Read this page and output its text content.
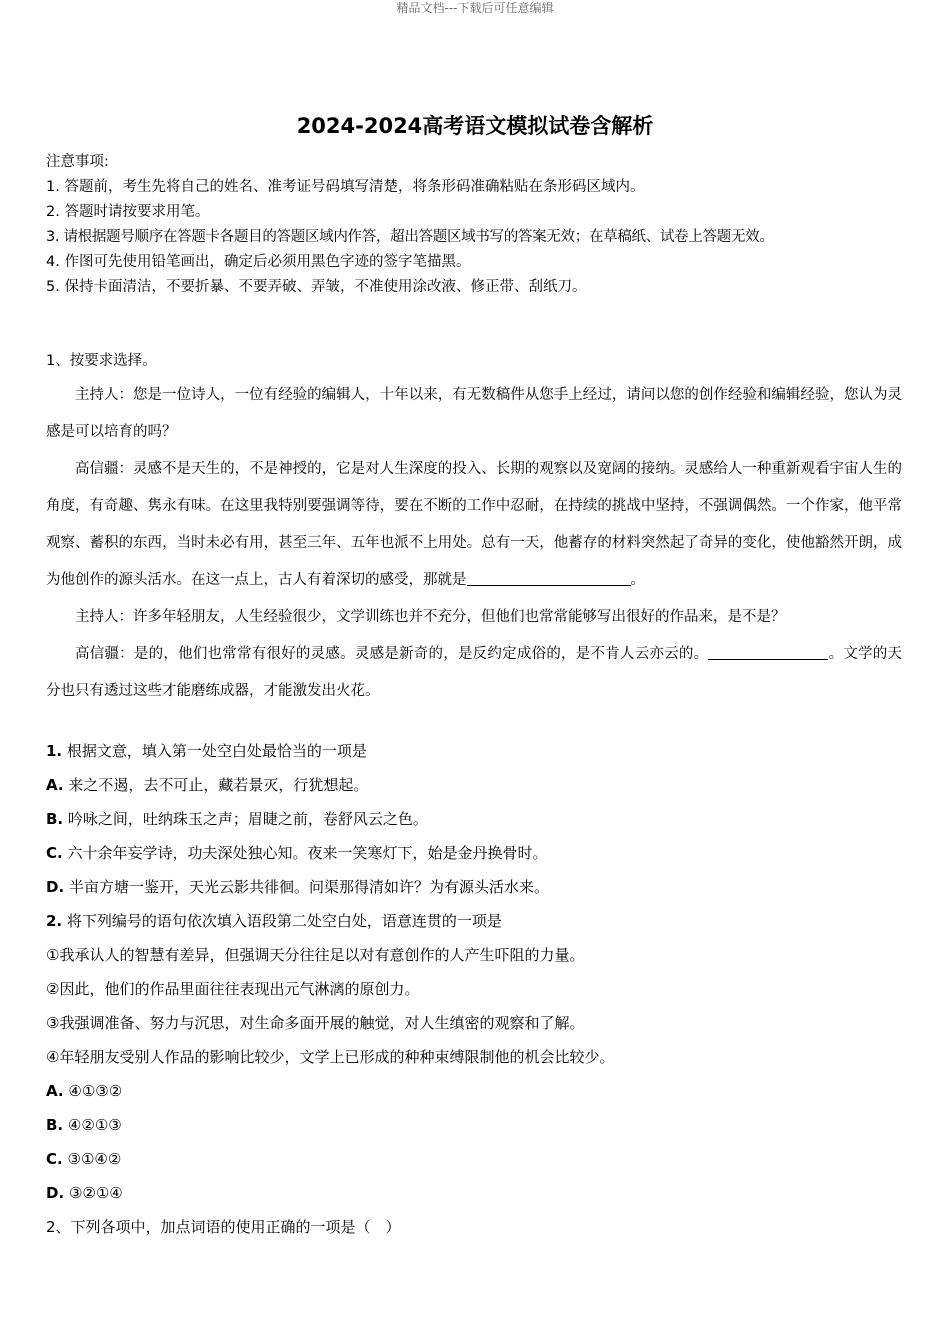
精品文档---下载后可任意编辑
2024-2024高考语文模拟试卷含解析
注意事项:
1. 答题前，考生先将自己的姓名、准考证号码填写清楚，将条形码准确粘贴在条形码区域内。
2. 答题时请按要求用笔。
3. 请根据题号顺序在答题卡各题目的答题区域内作答，超出答题区域书写的答案无效；在草稿纸、试卷上答题无效。
4. 作图可先使用铅笔画出，确定后必须用黑色字迹的签字笔描黑。
5. 保持卡面清洁，不要折暴、不要弄破、弄皱，不准使用涂改液、修正带、刮纸刀。
1、按要求选择。

主持人：您是一位诗人，一位有经验的编辑人，十年以来，有无数稿件从您手上经过，请问以您的创作经验和编辑经验，您认为灵感是可以培育的吗？

高信疆：灵感不是天生的，不是神授的，它是对人生深度的投入、长期的观察以及宽阔的接纳。灵感给人一种重新观看宇宙人生的角度，有奇趣、隽永有味。在这里我特别要强调等待，要在不断的工作中忍耐，在持续的挑战中坚持，不强调偶然。一个作家，他平常观察、蓄积的东西，当时未必有用，甚至三年、五年也派不上用处。总有一天，他蓄存的材料突然起了奇异的变化，使他豁然开朗，成为他创作的源头活水。在这一点上，古人有着深切的感受，那就是	。

主持人：许多年轻朋友，人生经验很少，文学训练也并不充分，但他们也常常能够写出很好的作品来，是不是？

高信疆：是的，他们也常常有很好的灵感。灵感是新奇的，是反约定成俗的，是不肯人云亦云的。	。文学的天分也只有透过这些才能磨练成器，才能激发出火花。

1. 根据文意，填入第一处空白处最恰当的一项是
A. 来之不遏，去不可止，藏若景灭，行犹想起。
B. 吟咏之间，吐纳珠玉之声；眉睫之前，卷舒风云之色。
C. 六十余年妄学诗，功夫深处独心知。夜来一笑寒灯下，始是金丹换骨时。
D. 半亩方塘一鉴开，天光云影共徘徊。问渠那得清如许？为有源头活水来。
2. 将下列编号的语句依次填入语段第二处空白处，语意连贯的一项是
①我承认人的智慧有差异，但强调天分往往足以对有意创作的人产生吓阻的力量。
②因此，他们的作品里面往往表现出元气淋漓的原创力。
③我强调准备、努力与沉思，对生命多面开展的触觉，对人生缜密的观察和了解。
④年轻朋友受别人作品的影响比较少，文学上已形成的种种束缚限制他的机会比较少。
A. ④①③②
B. ④②①③
C. ③①④②
D. ③②①④
2、下列各项中，加点词语的使用正确的一项是（　）
